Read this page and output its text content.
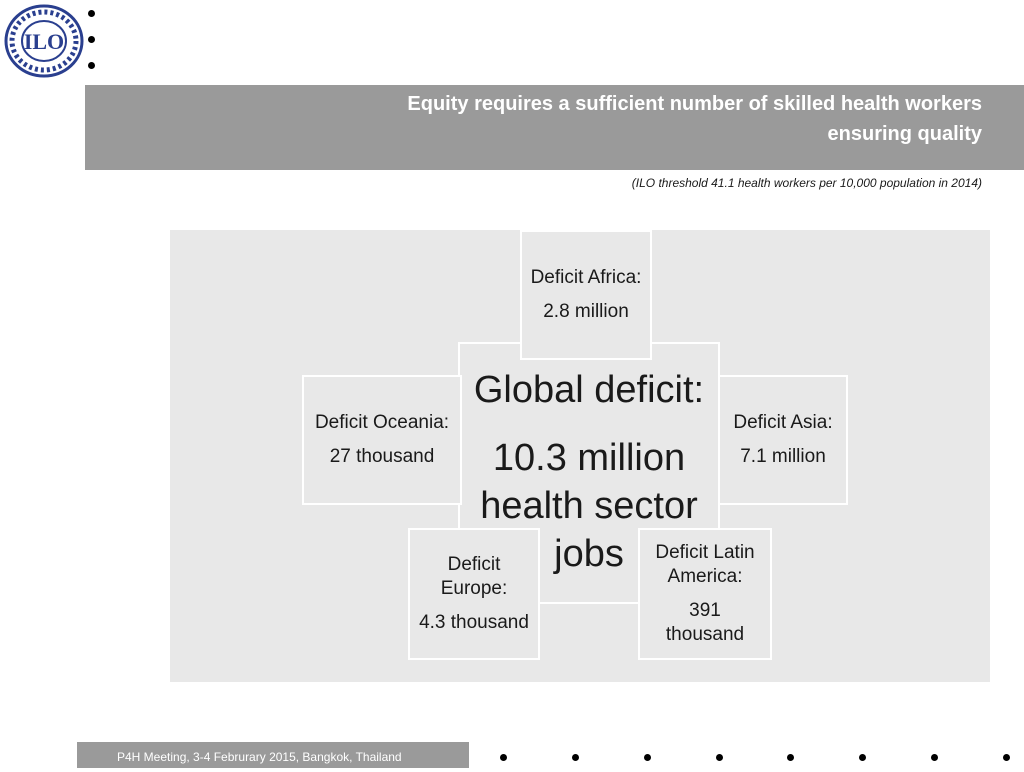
ILO
Equity requires a sufficient number of skilled health workers
ensuring quality
(ILO threshold 41.1 health workers per 10,000 population in 2014)
Global deficit:
10.3 million
health sector
jobs
Deficit Africa:
2.8 million
Deficit Oceania:
27 thousand
Deficit Asia:
7.1 million
Deficit
Europe:
4.3 thousand
Deficit Latin
America:
391
thousand
P4H Meeting, 3-4 Februrary 2015, Bangkok, Thailand
